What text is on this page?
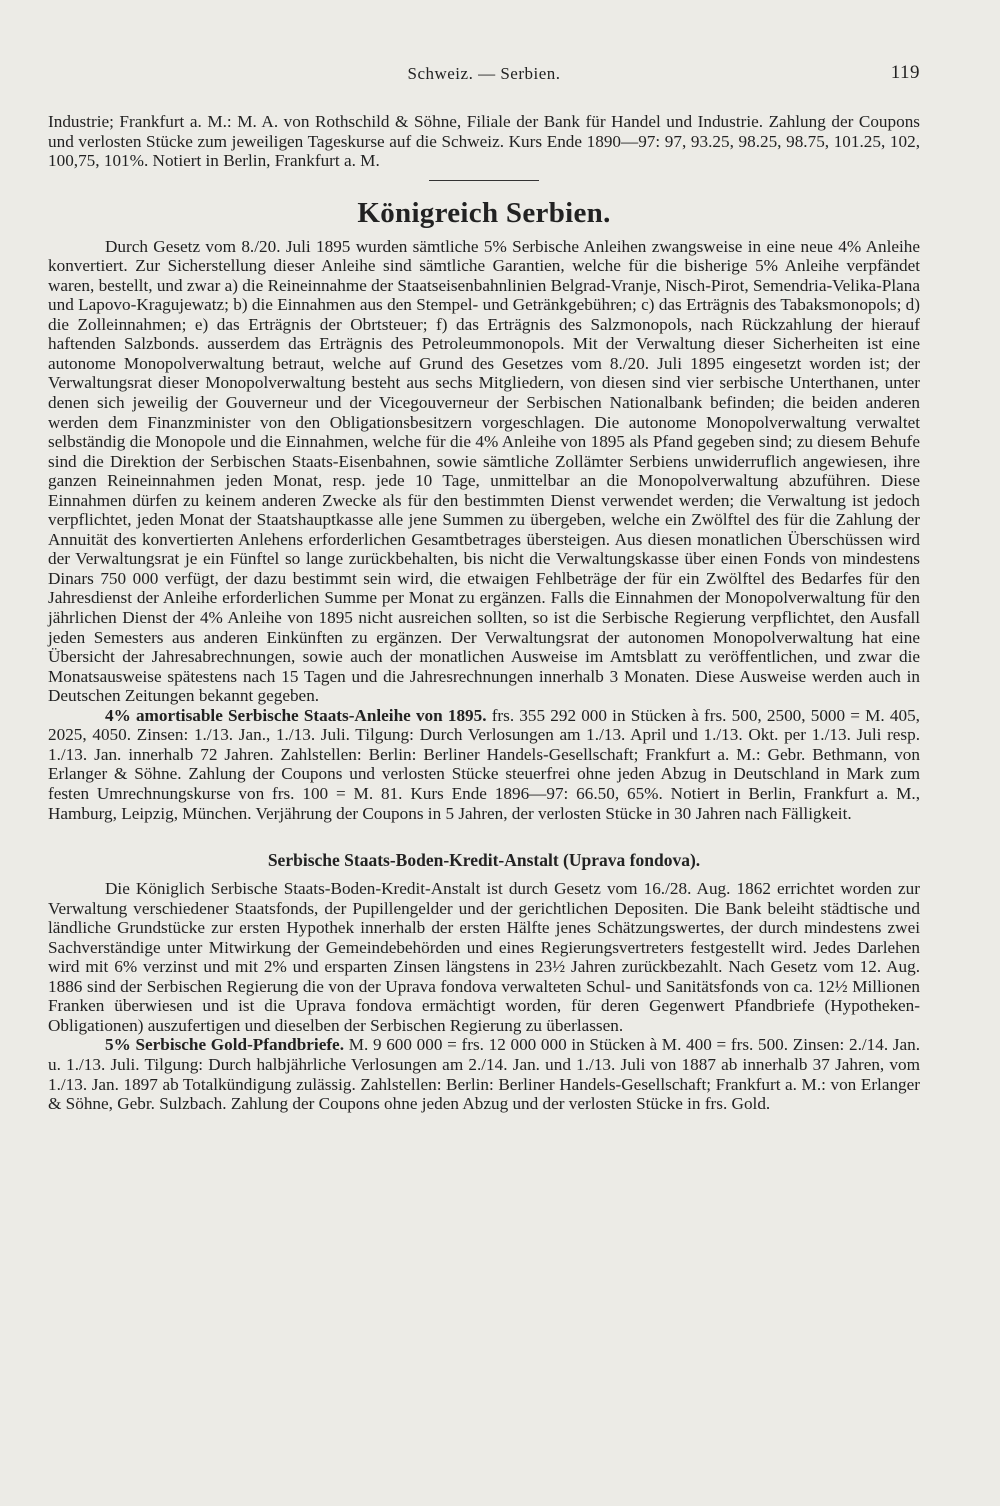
Schweiz. — Serbien.	119

Industrie; Frankfurt a. M.: M. A. von Rothschild & Söhne, Filiale der Bank für Handel und Industrie. Zahlung der Coupons und verlosten Stücke zum jeweiligen Tageskurse auf die Schweiz. Kurs Ende 1890—97: 97, 93.25, 98.25, 98.75, 101.25, 102, 100,75, 101%. Notiert in Berlin, Frankfurt a. M.

Königreich Serbien.

Durch Gesetz vom 8./20. Juli 1895 wurden sämtliche 5% Serbische Anleihen zwangsweise in eine neue 4% Anleihe konvertiert. Zur Sicherstellung dieser Anleihe sind sämtliche Garantien, welche für die bisherige 5% Anleihe verpfändet waren, bestellt, und zwar a) die Reineinnahme der Staatseisenbahnlinien Belgrad-Vranje, Nisch-Pirot, Semendria-Velika-Plana und Lapovo-Kragujewatz; b) die Einnahmen aus den Stempel- und Getränkgebühren; c) das Erträgnis des Tabaksmonopols; d) die Zolleinnahmen; e) das Erträgnis der Obrtsteuer; f) das Erträgnis des Salzmonopols, nach Rückzahlung der hierauf haftenden Salzbonds. ausserdem das Erträgnis des Petroleummonopols. Mit der Verwaltung dieser Sicherheiten ist eine autonome Monopolverwaltung betraut, welche auf Grund des Gesetzes vom 8./20. Juli 1895 eingesetzt worden ist; der Verwaltungsrat dieser Monopolverwaltung besteht aus sechs Mitgliedern, von diesen sind vier serbische Unterthanen, unter denen sich jeweilig der Gouverneur und der Vicegouverneur der Serbischen Nationalbank befinden; die beiden anderen werden dem Finanzminister von den Obligationsbesitzern vorgeschlagen. Die autonome Monopolverwaltung verwaltet selbständig die Monopole und die Einnahmen, welche für die 4% Anleihe von 1895 als Pfand gegeben sind; zu diesem Behufe sind die Direktion der Serbischen Staats-Eisenbahnen, sowie sämtliche Zollämter Serbiens unwiderruflich angewiesen, ihre ganzen Reineinnahmen jeden Monat, resp. jede 10 Tage, unmittelbar an die Monopolverwaltung abzuführen. Diese Einnahmen dürfen zu keinem anderen Zwecke als für den bestimmten Dienst verwendet werden; die Verwaltung ist jedoch verpflichtet, jeden Monat der Staatshauptkasse alle jene Summen zu übergeben, welche ein Zwölftel des für die Zahlung der Annuität des konvertierten Anlehens erforderlichen Gesamtbetrages übersteigen. Aus diesen monatlichen Überschüssen wird der Verwaltungsrat je ein Fünftel so lange zurückbehalten, bis nicht die Verwaltungskasse über einen Fonds von mindestens Dinars 750 000 verfügt, der dazu bestimmt sein wird, die etwaigen Fehlbeträge der für ein Zwölftel des Bedarfes für den Jahresdienst der Anleihe erforderlichen Summe per Monat zu ergänzen. Falls die Einnahmen der Monopolverwaltung für den jährlichen Dienst der 4% Anleihe von 1895 nicht ausreichen sollten, so ist die Serbische Regierung verpflichtet, den Ausfall jeden Semesters aus anderen Einkünften zu ergänzen. Der Verwaltungsrat der autonomen Monopolverwaltung hat eine Übersicht der Jahresabrechnungen, sowie auch der monatlichen Ausweise im Amtsblatt zu veröffentlichen, und zwar die Monatsausweise spätestens nach 15 Tagen und die Jahresrechnungen innerhalb 3 Monaten. Diese Ausweise werden auch in Deutschen Zeitungen bekannt gegeben.

4% amortisable Serbische Staats-Anleihe von 1895. frs. 355 292 000 in Stücken à frs. 500, 2500, 5000 = M. 405, 2025, 4050. Zinsen: 1./13. Jan., 1./13. Juli. Tilgung: Durch Verlosungen am 1./13. April und 1./13. Okt. per 1./13. Juli resp. 1./13. Jan. innerhalb 72 Jahren. Zahlstellen: Berlin: Berliner Handels-Gesellschaft; Frankfurt a. M.: Gebr. Bethmann, von Erlanger & Söhne. Zahlung der Coupons und verlosten Stücke steuerfrei ohne jeden Abzug in Deutschland in Mark zum festen Umrechnungskurse von frs. 100 = M. 81. Kurs Ende 1896—97: 66.50, 65%. Notiert in Berlin, Frankfurt a. M., Hamburg, Leipzig, München. Verjährung der Coupons in 5 Jahren, der verlosten Stücke in 30 Jahren nach Fälligkeit.

Serbische Staats-Boden-Kredit-Anstalt (Uprava fondova).

Die Königlich Serbische Staats-Boden-Kredit-Anstalt ist durch Gesetz vom 16./28. Aug. 1862 errichtet worden zur Verwaltung verschiedener Staatsfonds, der Pupillengelder und der gerichtlichen Depositen. Die Bank beleiht städtische und ländliche Grundstücke zur ersten Hypothek innerhalb der ersten Hälfte jenes Schätzungswertes, der durch mindestens zwei Sachverständige unter Mitwirkung der Gemeindebehörden und eines Regierungsvertreters festgestellt wird. Jedes Darlehen wird mit 6% verzinst und mit 2% und ersparten Zinsen längstens in 23½ Jahren zurückbezahlt. Nach Gesetz vom 12. Aug. 1886 sind der Serbischen Regierung die von der Uprava fondova verwalteten Schul- und Sanitätsfonds von ca. 12½ Millionen Franken überwiesen und ist die Uprava fondova ermächtigt worden, für deren Gegenwert Pfandbriefe (Hypotheken-Obligationen) auszufertigen und dieselben der Serbischen Regierung zu überlassen.

5% Serbische Gold-Pfandbriefe. M. 9 600 000 = frs. 12 000 000 in Stücken à M. 400 = frs. 500. Zinsen: 2./14. Jan. u. 1./13. Juli. Tilgung: Durch halbjährliche Verlosungen am 2./14. Jan. und 1./13. Juli von 1887 ab innerhalb 37 Jahren, vom 1./13. Jan. 1897 ab Totalkündigung zulässig. Zahlstellen: Berlin: Berliner Handels-Gesellschaft; Frankfurt a. M.: von Erlanger & Söhne, Gebr. Sulzbach. Zahlung der Coupons ohne jeden Abzug und der verlosten Stücke in frs. Gold.
